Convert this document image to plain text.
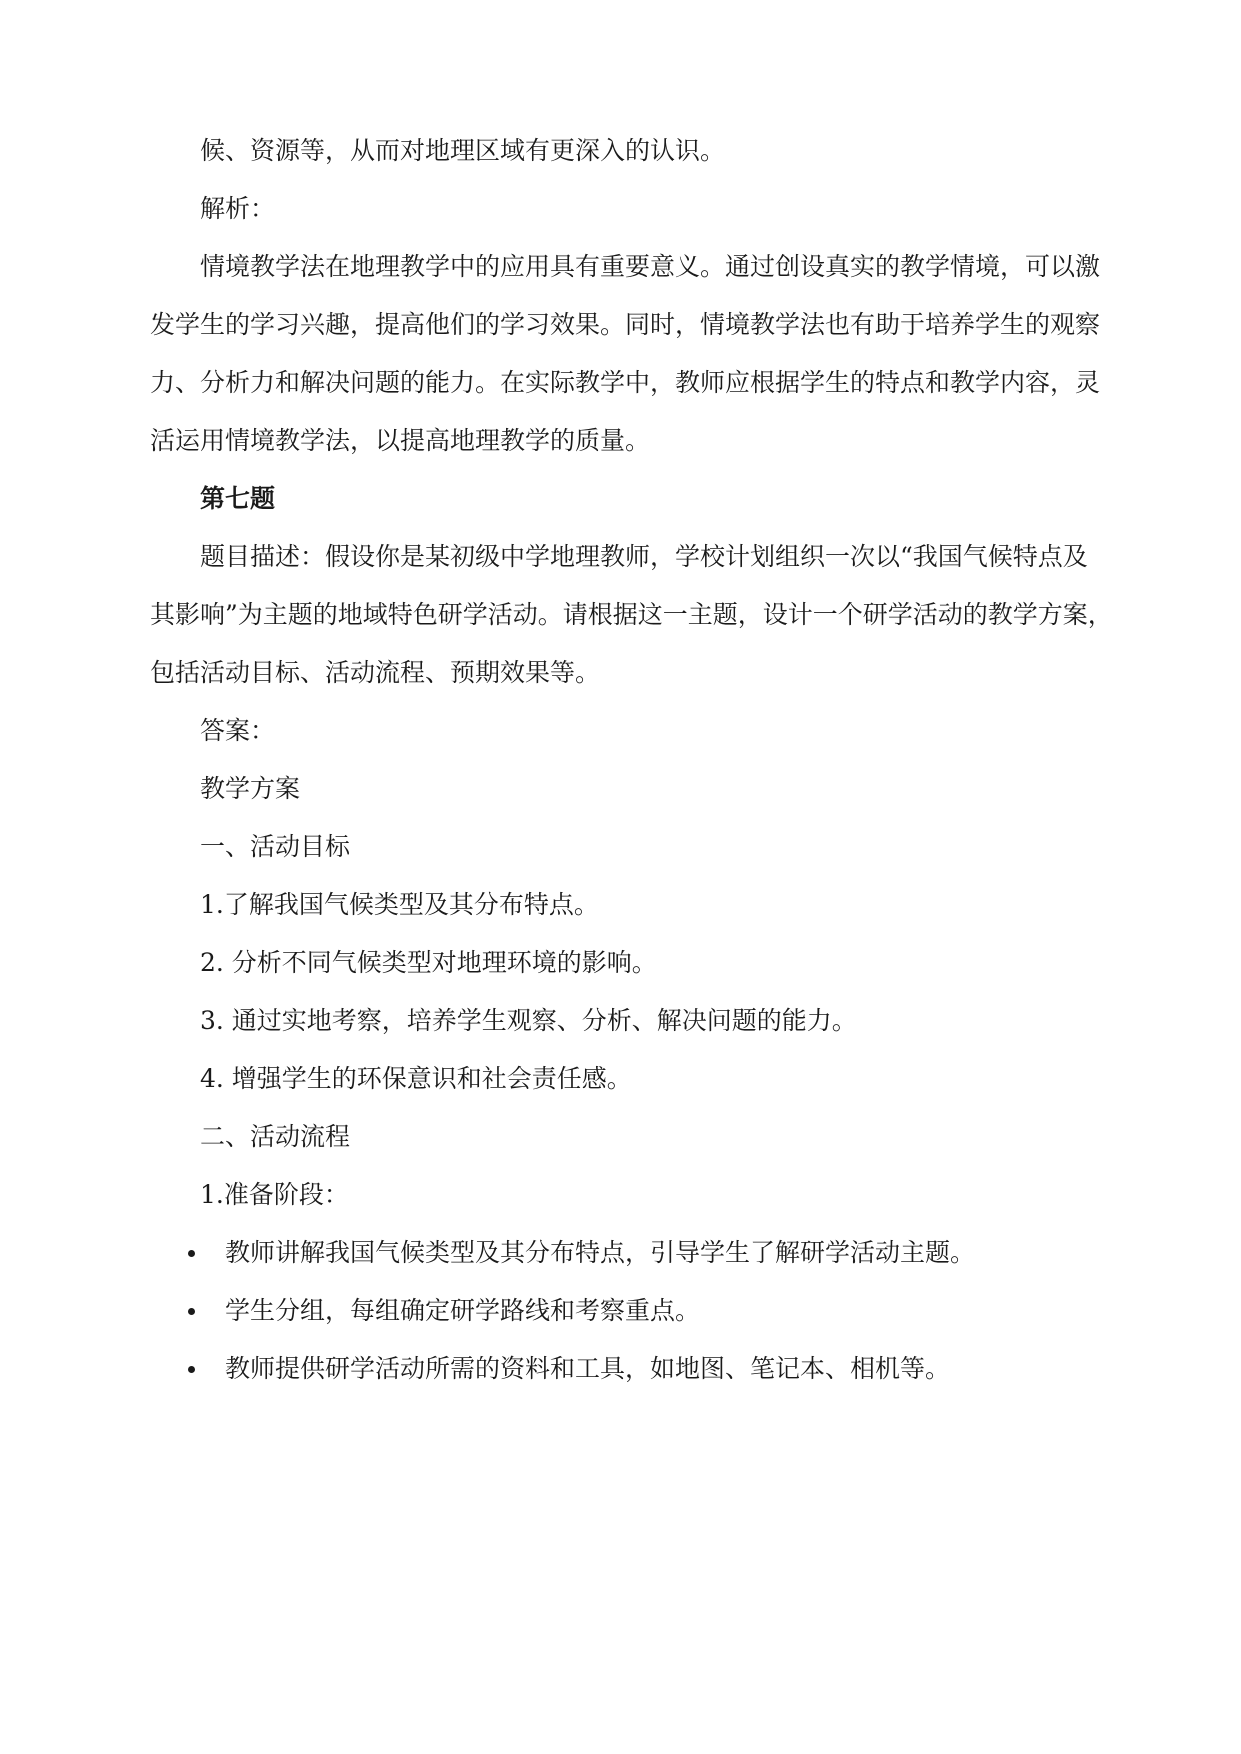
候、资源等，从而对地理区域有更深入的认识。
解析：
情境教学法在地理教学中的应用具有重要意义。通过创设真实的教学情境，可以激
发学生的学习兴趣，提高他们的学习效果。同时，情境教学法也有助于培养学生的观察
力、分析力和解决问题的能力。在实际教学中，教师应根据学生的特点和教学内容，灵
活运用情境教学法，以提高地理教学的质量。
第七题
题目描述：假设你是某初级中学地理教师，学校计划组织一次以“我国气候特点及
其影响”为主题的地域特色研学活动。请根据这一主题，设计一个研学活动的教学方案，
包括活动目标、活动流程、预期效果等。
答案：
教学方案
一、活动目标
1.了解我国气候类型及其分布特点。
2. 分析不同气候类型对地理环境的影响。
3. 通过实地考察，培养学生观察、分析、解决问题的能力。
4. 增强学生的环保意识和社会责任感。
二、活动流程
1.准备阶段：
教师讲解我国气候类型及其分布特点，引导学生了解研学活动主题。
学生分组，每组确定研学路线和考察重点。
教师提供研学活动所需的资料和工具，如地图、笔记本、相机等。
